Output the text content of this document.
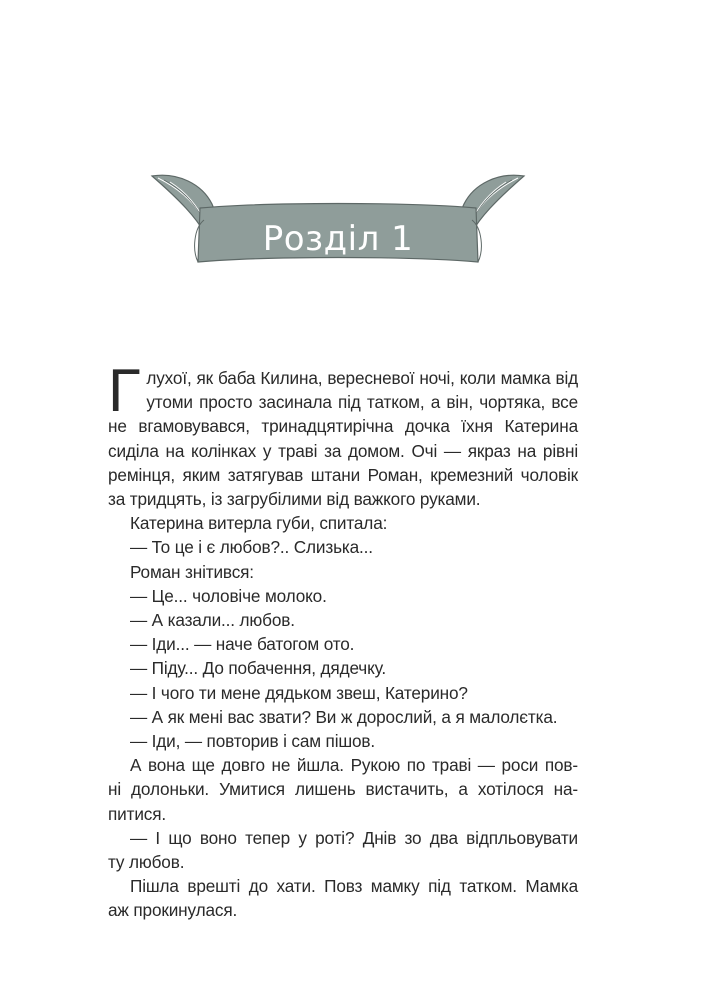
Розділ 1

Г лухої, як баба Килина, вересневої ночі, коли мамка від
утоми просто засинала під татком, а він, чортяка, все
не вгамовувався, тринадцятирічна дочка їхня Катерина
сиділа на колінках у траві за домом. Очі — якраз на рівні
ремінця, яким затягував штани Роман, кремезний чоловік
за тридцять, із загрубілими від важкого руками.

Катерина витерла губи, спитала:

— То це і є любов?.. Слизька...

Роман знітився:

— Це... чоловіче молоко.

— А казали... любов.

— Іди... — наче батогом ото.

— Піду... До побачення, дядечку.

— І чого ти мене дядьком звеш, Катерино?

— А як мені вас звати? Ви ж дорослий, а я малолєтка.

— Іди, — повторив і сам пішов.

А вона ще довго не йшла. Рукою по траві — роси пов-
ні долоньки. Умитися лишень вистачить, а хотілося на-
питися.

— І що воно тепер у роті? Днів зо два відпльовувати
ту любов.

Пішла врешті до хати. Повз мамку під татком. Мамка
аж прокинулася.
